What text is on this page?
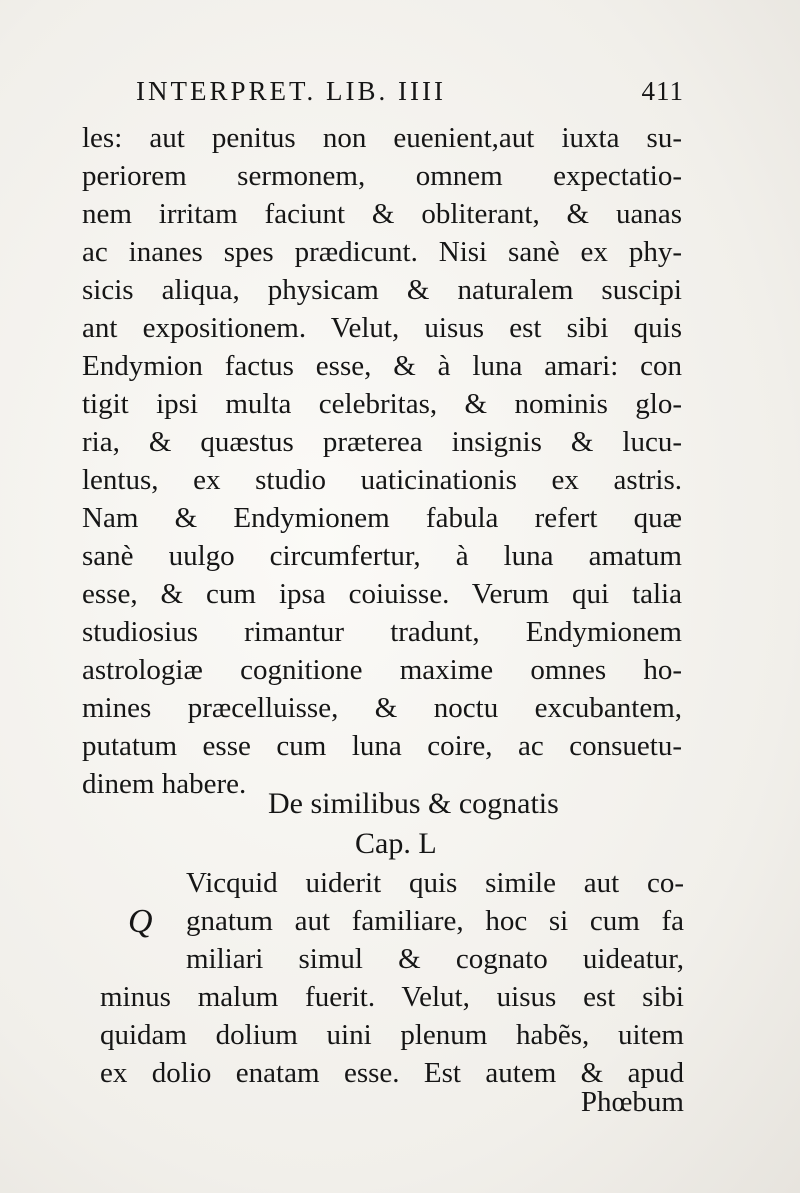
INTERPRET. LIB. IIII	411
les: aut penitus non euenient,aut iuxta su-
periorem sermonem, omnem expectatio-
nem irritam faciunt & obliterant, & uanas
ac inanes spes prædicunt. Nisi sanè ex phy-
sicis aliqua, physicam & naturalem suscipi
ant expositionem. Velut, uisus est sibi quis
Endymion factus esse, & à luna amari: con
tigit ipsi multa celebritas, & nominis glo-
ria, & quæstus præterea insignis & lucu-
lentus, ex studio uaticinationis ex astris.
Nam & Endymionem fabula refert quæ
sanè uulgo circumfertur, à luna amatum
esse, & cum ipsa coiuisse. Verum qui talia
studiosius rimantur tradunt, Endymionem
astrologiæ cognitione maxime omnes ho-
mines præcelluisse, & noctu excubantem,
putatum esse cum luna coire, ac consuetu-
dinem habere.
De similibus & cognatis
Cap. L
Q
Vicquid uiderit quis simile aut co-
gnatum aut familiare, hoc si cum fa
miliari simul & cognato uideatur,
minus malum fuerit. Velut, uisus est sibi
quidam dolium uini plenum habẽs, uitem
ex dolio enatam esse. Est autem & apud
Phœbum
